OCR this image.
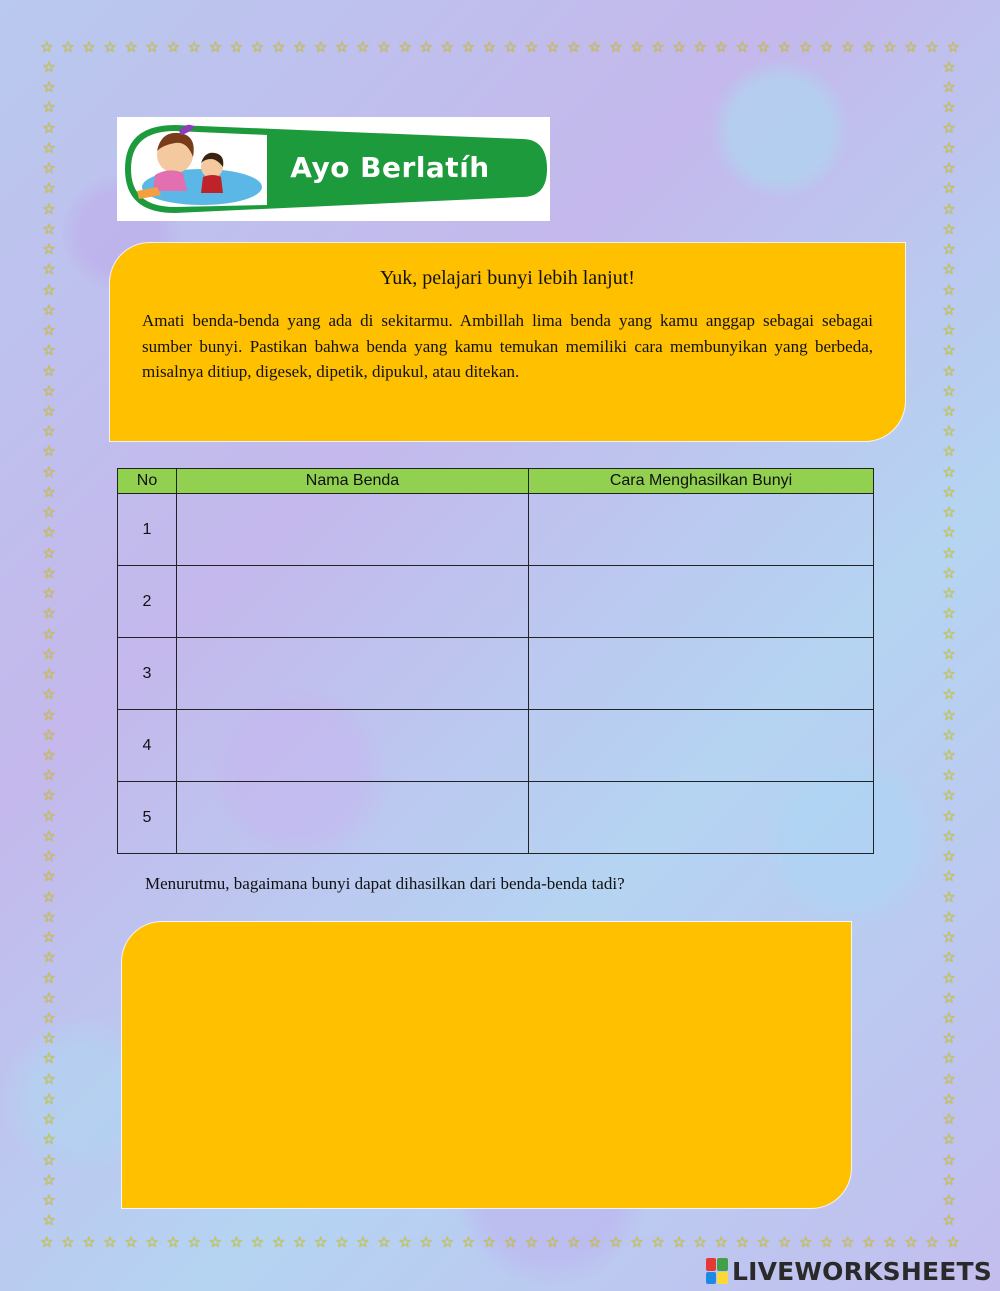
☆ ☆ ☆ ☆ ☆ ☆ ☆ ☆ ☆ ☆ ☆ ☆ ☆ ☆ ☆ ☆ ☆ ☆ ☆ ☆ ☆ ☆ ☆ ☆ ☆ ☆ ☆ ☆ ☆ ☆ ☆ ☆ ☆ ☆ ☆ ☆ ☆ ☆ ☆ ☆ ☆ ☆ ☆ ☆
☆ ☆ ☆ ☆ ☆ ☆ ☆ ☆ ☆ ☆ ☆ ☆ ☆ ☆ ☆ ☆ ☆ ☆ ☆ ☆ ☆ ☆ ☆ ☆ ☆ ☆ ☆ ☆ ☆ ☆ ☆ ☆ ☆ ☆ ☆ ☆ ☆ ☆ ☆ ☆ ☆ ☆ ☆ ☆
☆
☆
☆
☆
☆
☆
☆
☆
☆
☆
☆
☆
☆
☆
☆
☆
☆
☆
☆
☆
☆
☆
☆
☆
☆
☆
☆
☆
☆
☆
☆
☆
☆
☆
☆
☆
☆
☆
☆
☆
☆
☆
☆
☆
☆
☆
☆
☆
☆
☆
☆
☆
☆
☆
☆
☆
☆
☆
☆
☆
☆
☆
☆
☆
☆
☆
☆
☆
☆
☆
☆
☆
☆
☆
☆
☆
☆
☆
☆
☆
☆
☆
☆
☆
☆
☆
☆
☆
☆
☆
☆
☆
☆
☆
☆
☆
☆
☆
☆
☆
☆
☆
☆
☆
☆
☆
☆
☆
☆
☆
☆
☆
☆
☆
☆
☆
Ayo Berlatíh
Yuk, pelajari bunyi lebih lanjut!
Amati benda-benda yang ada di sekitarmu. Ambillah lima benda yang kamu anggap sebagai sebagai sumber bunyi. Pastikan bahwa benda yang kamu temukan memiliki cara membunyikan yang berbeda, misalnya ditiup, digesek, dipetik, dipukul, atau ditekan.
No	Nama Benda	Cara Menghasilkan Bunyi
1		
2		
3		
4		
5		
Menurutmu, bagaimana bunyi dapat dihasilkan dari benda-benda tadi?
LIVEWORKSHEETS
